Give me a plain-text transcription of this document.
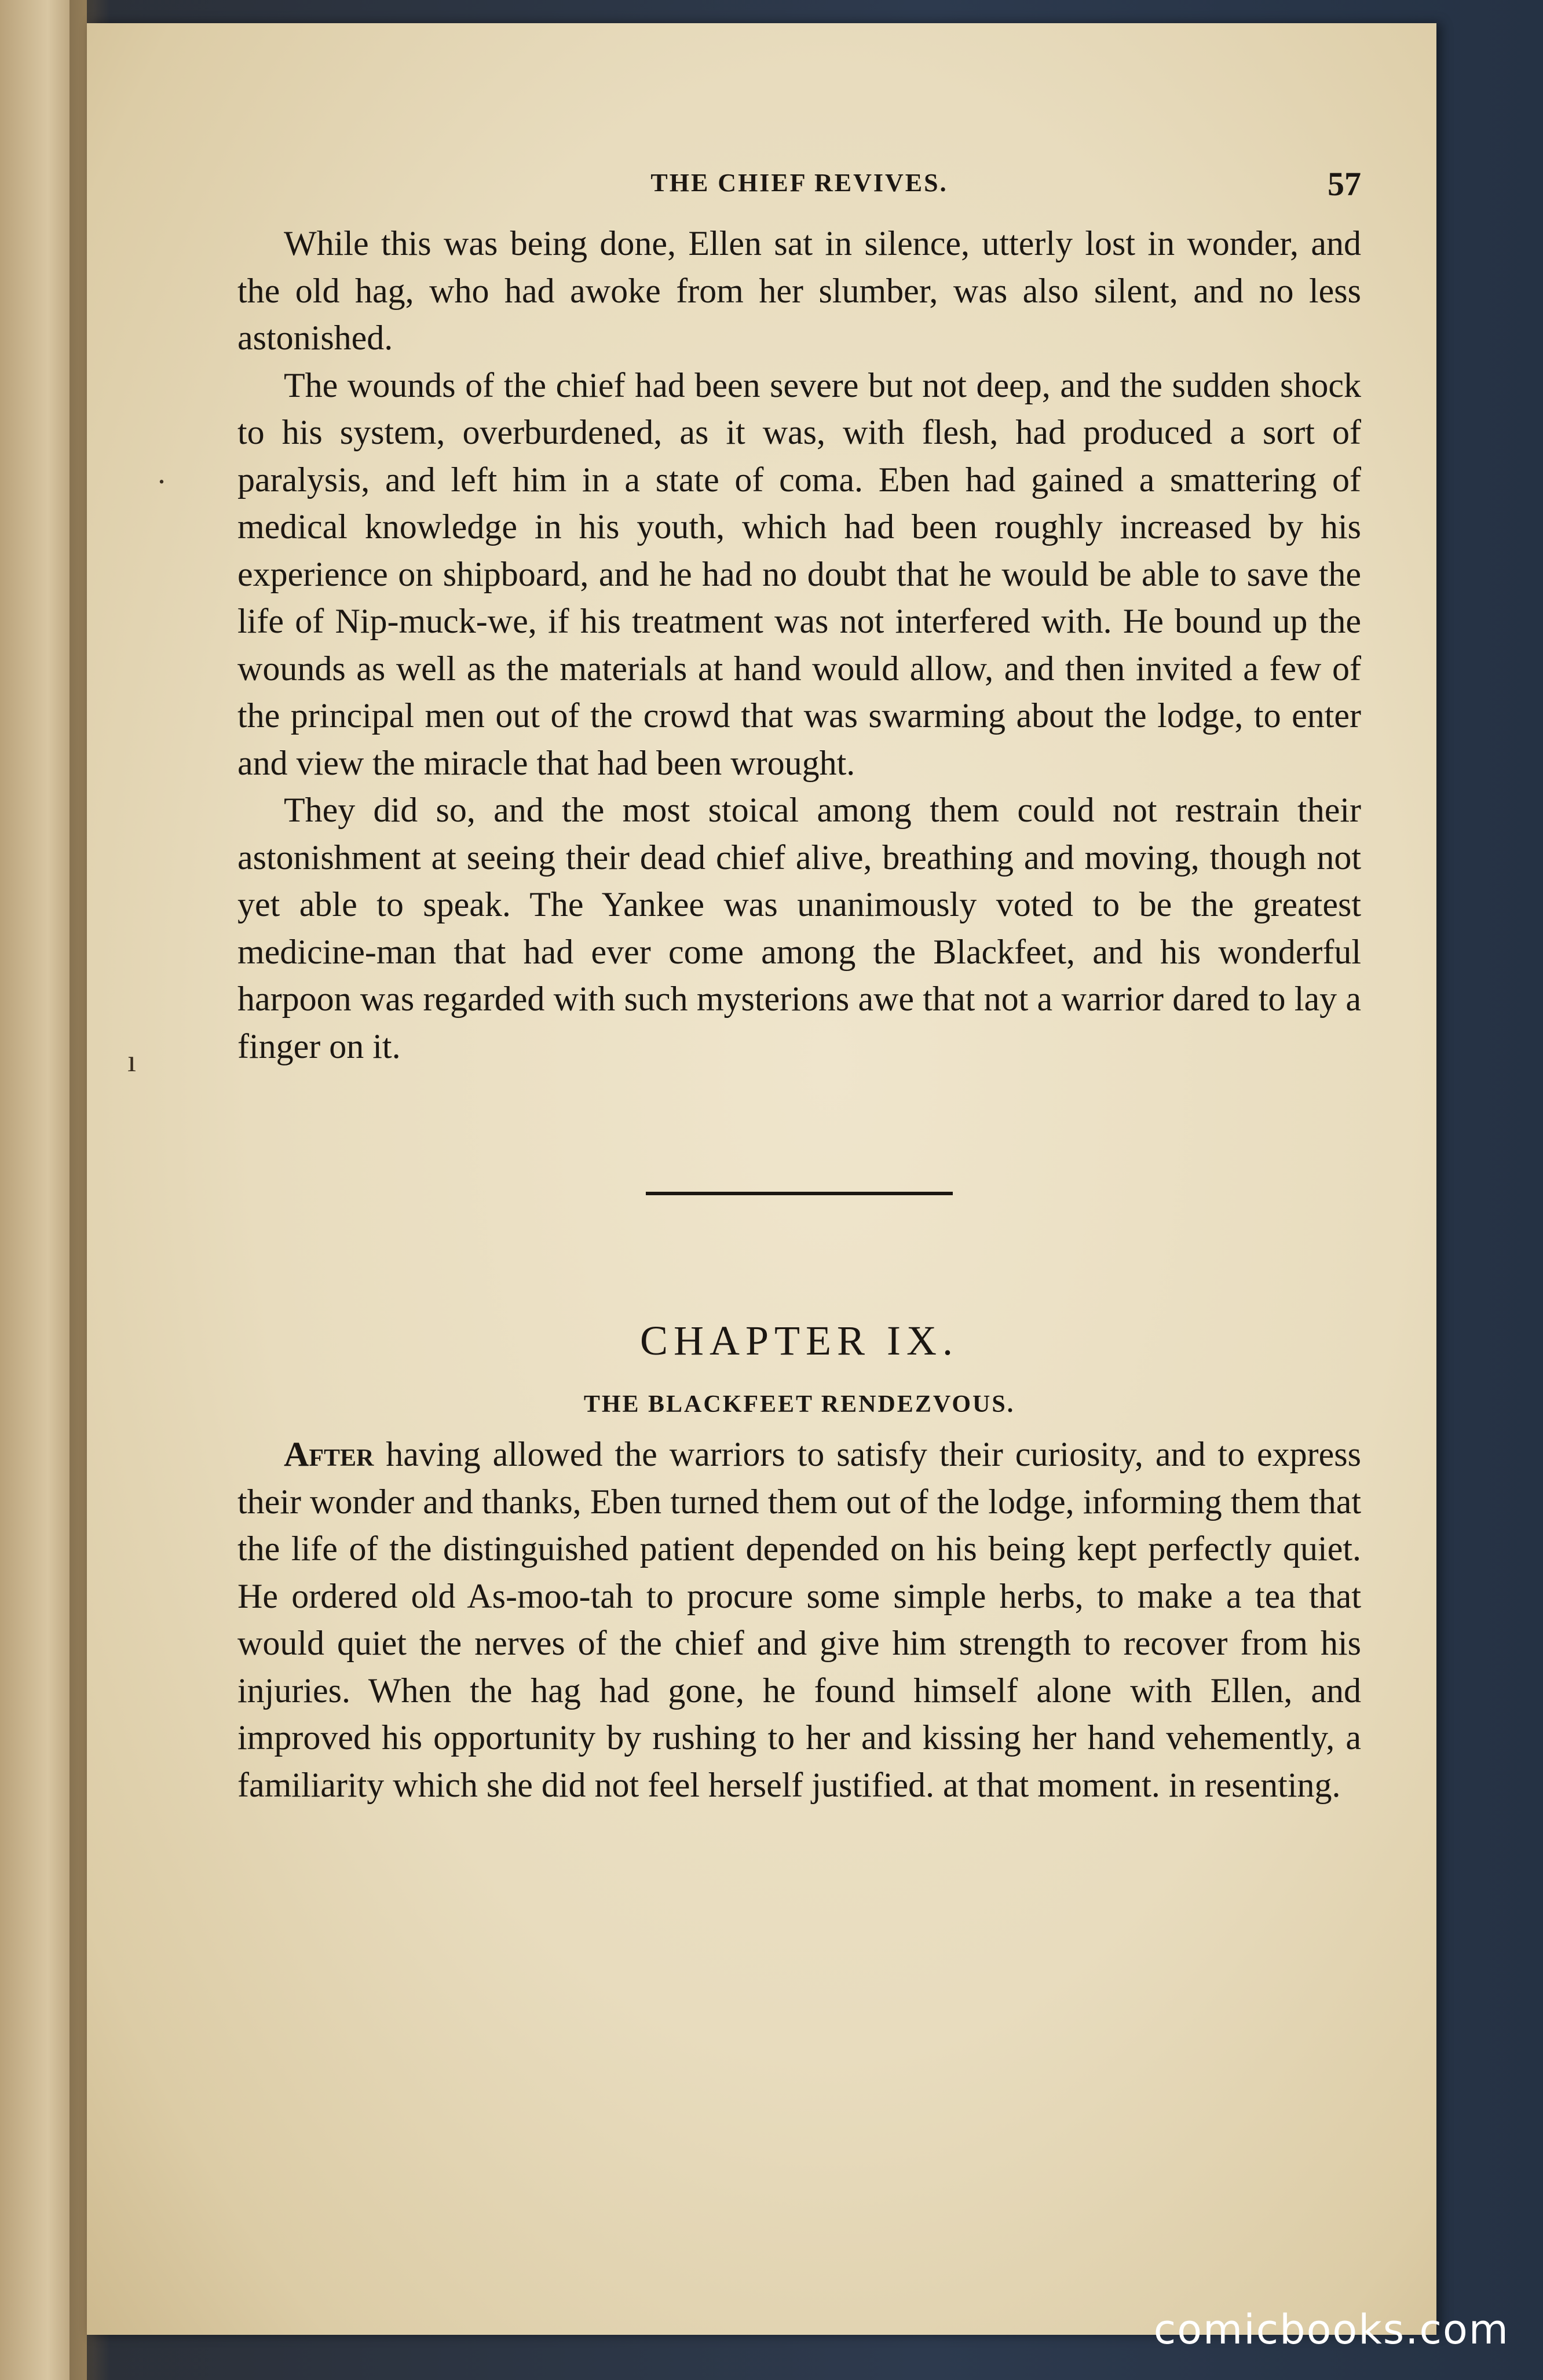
THE CHIEF REVIVES.	57

While this was being done, Ellen sat in silence, utterly lost in wonder, and the old hag, who had awoke from her slumber, was also silent, and no less astonished.

The wounds of the chief had been severe but not deep, and the sudden shock to his system, overburdened, as it was, with flesh, had produced a sort of paralysis, and left him in a state of coma. Eben had gained a smattering of medical knowledge in his youth, which had been roughly increased by his experience on shipboard, and he had no doubt that he would be able to save the life of Nip-muck-we, if his treatment was not interfered with. He bound up the wounds as well as the materials at hand would allow, and then invited a few of the principal men out of the crowd that was swarming about the lodge, to enter and view the miracle that had been wrought.

They did so, and the most stoical among them could not restrain their astonishment at seeing their dead chief alive, breathing and moving, though not yet able to speak. The Yankee was unanimously voted to be the greatest medicine-man that had ever come among the Blackfeet, and his wonderful harpoon was regarded with such mysterions awe that not a warrior dared to lay a finger on it.

CHAPTER IX.
THE BLACKFEET RENDEZVOUS.

After having allowed the warriors to satisfy their curiosity, and to express their wonder and thanks, Eben turned them out of the lodge, informing them that the life of the distinguished patient depended on his being kept perfectly quiet. He ordered old As-moo-tah to procure some simple herbs, to make a tea that would quiet the nerves of the chief and give him strength to recover from his injuries. When the hag had gone, he found himself alone with Ellen, and improved his opportunity by rushing to her and kissing her hand vehemently, a familiarity which she did not feel herself justified. at that moment. in resenting.

·
ı
comicbooks.com
